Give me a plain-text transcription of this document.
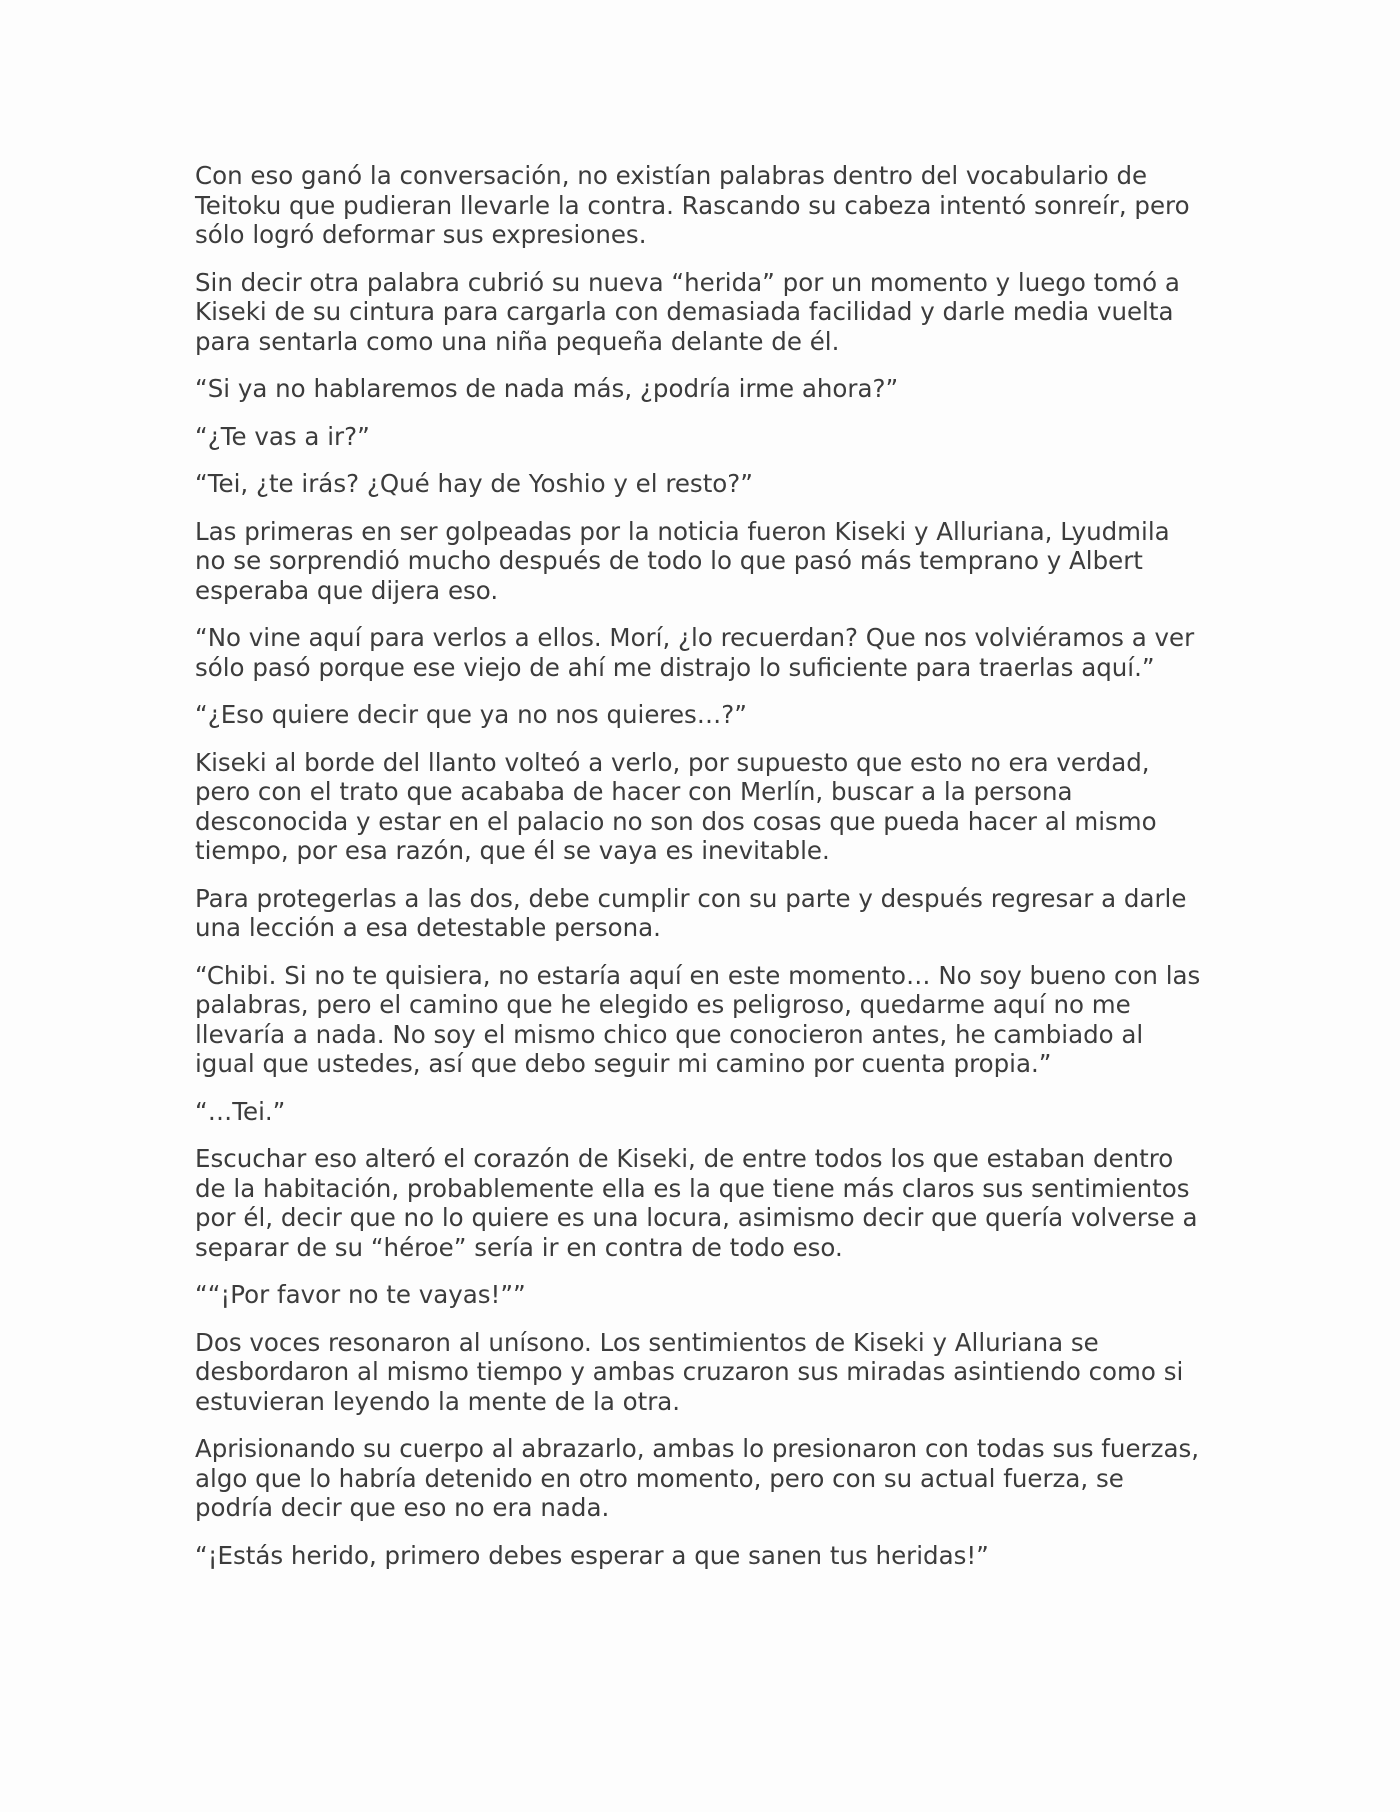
Con eso ganó la conversación, no existían palabras dentro del vocabulario de Teitoku que pudieran llevarle la contra. Rascando su cabeza intentó sonreír, pero sólo logró deformar sus expresiones.

Sin decir otra palabra cubrió su nueva “herida” por un momento y luego tomó a Kiseki de su cintura para cargarla con demasiada facilidad y darle media vuelta para sentarla como una niña pequeña delante de él.

“Si ya no hablaremos de nada más, ¿podría irme ahora?”

“¿Te vas a ir?”

“Tei, ¿te irás? ¿Qué hay de Yoshio y el resto?”

Las primeras en ser golpeadas por la noticia fueron Kiseki y Alluriana, Lyudmila no se sorprendió mucho después de todo lo que pasó más temprano y Albert esperaba que dijera eso.

“No vine aquí para verlos a ellos. Morí, ¿lo recuerdan? Que nos volviéramos a ver sólo pasó porque ese viejo de ahí me distrajo lo suficiente para traerlas aquí.”

“¿Eso quiere decir que ya no nos quieres…?”

Kiseki al borde del llanto volteó a verlo, por supuesto que esto no era verdad, pero con el trato que acababa de hacer con Merlín, buscar a la persona desconocida y estar en el palacio no son dos cosas que pueda hacer al mismo tiempo, por esa razón, que él se vaya es inevitable.

Para protegerlas a las dos, debe cumplir con su parte y después regresar a darle una lección a esa detestable persona.

“Chibi. Si no te quisiera, no estaría aquí en este momento… No soy bueno con las palabras, pero el camino que he elegido es peligroso, quedarme aquí no me llevaría a nada. No soy el mismo chico que conocieron antes, he cambiado al igual que ustedes, así que debo seguir mi camino por cuenta propia.”

“…Tei.”

Escuchar eso alteró el corazón de Kiseki, de entre todos los que estaban dentro de la habitación, probablemente ella es la que tiene más claros sus sentimientos por él, decir que no lo quiere es una locura, asimismo decir que quería volverse a separar de su “héroe” sería ir en contra de todo eso.

““¡Por favor no te vayas!””

Dos voces resonaron al unísono. Los sentimientos de Kiseki y Alluriana se desbordaron al mismo tiempo y ambas cruzaron sus miradas asintiendo como si estuvieran leyendo la mente de la otra.

Aprisionando su cuerpo al abrazarlo, ambas lo presionaron con todas sus fuerzas, algo que lo habría detenido en otro momento, pero con su actual fuerza, se podría decir que eso no era nada.

“¡Estás herido, primero debes esperar a que sanen tus heridas!”
